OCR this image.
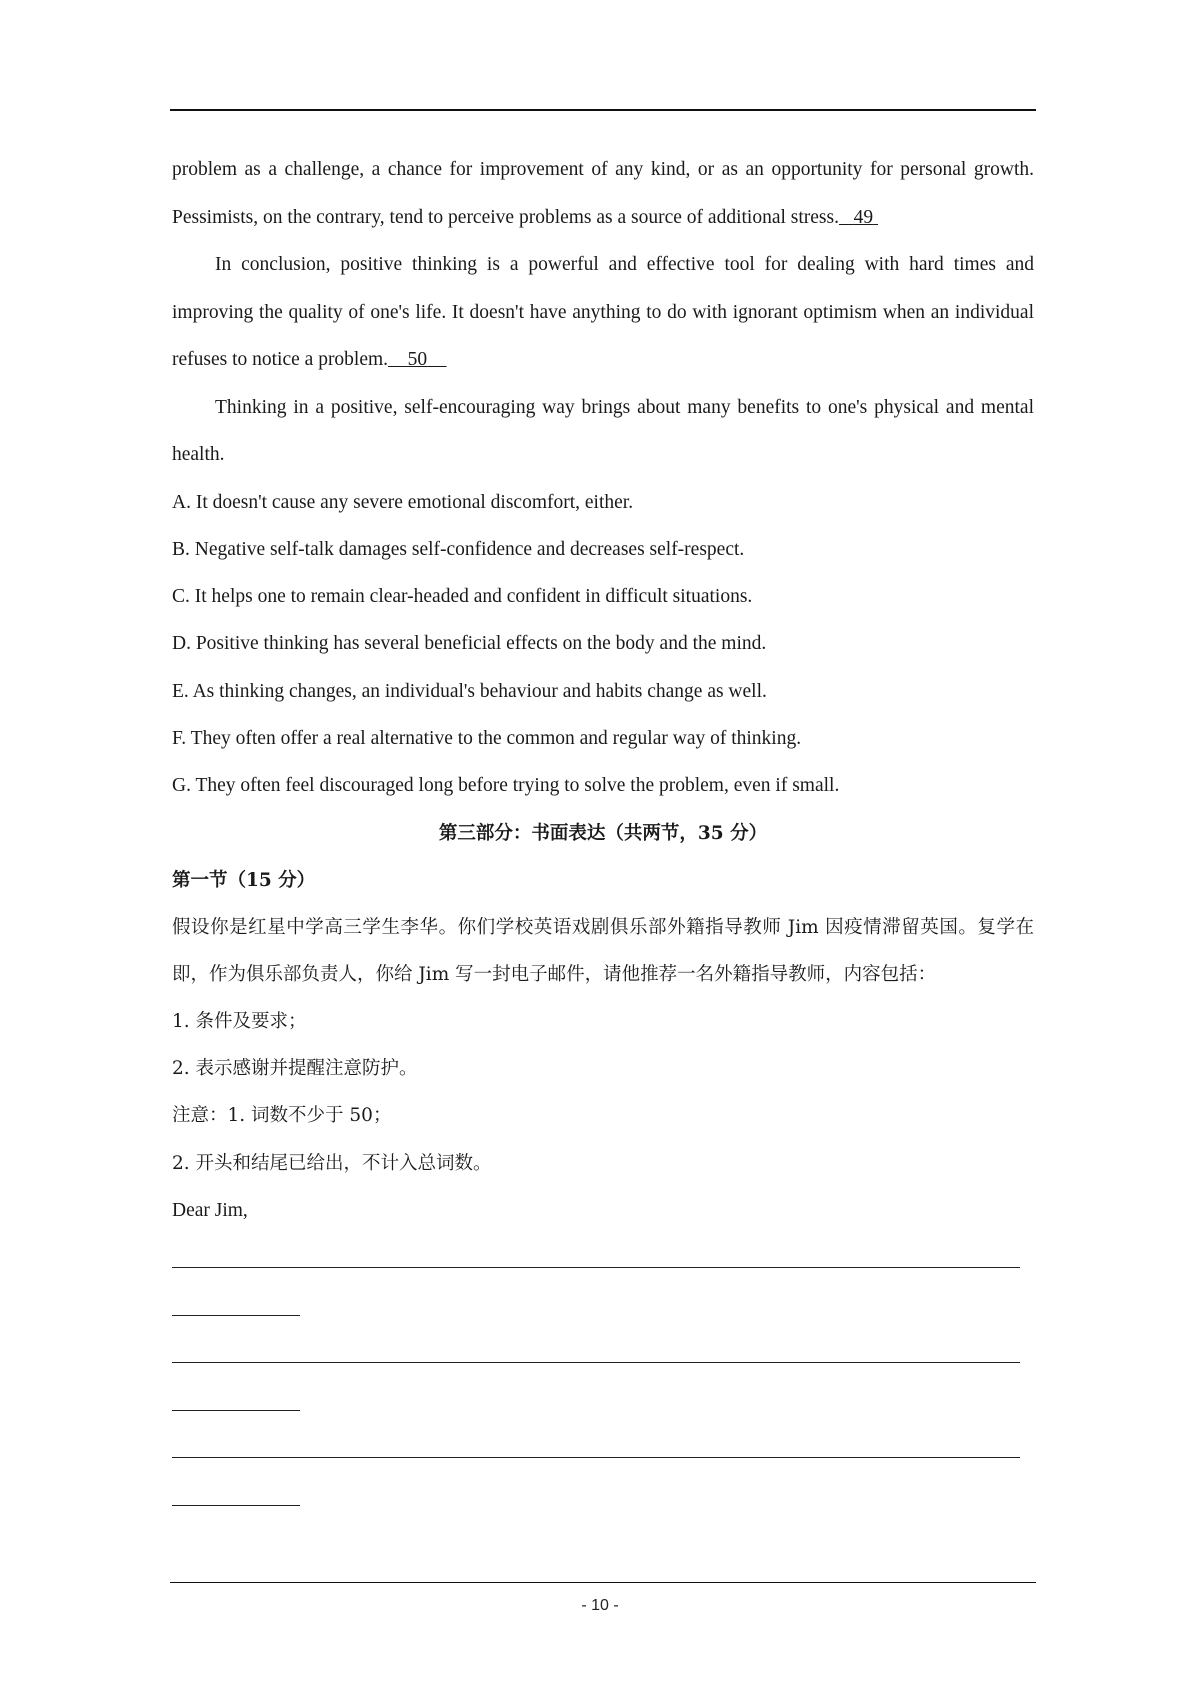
problem as a challenge, a chance for improvement of any kind, or as an opportunity for personal growth. Pessimists, on the contrary, tend to perceive problems as a source of additional stress. 49

In conclusion, positive thinking is a powerful and effective tool for dealing with hard times and improving the quality of one's life. It doesn't have anything to do with ignorant optimism when an individual refuses to notice a problem. 50

Thinking in a positive, self-encouraging way brings about many benefits to one's physical and mental health.

A. It doesn't cause any severe emotional discomfort, either.

B. Negative self-talk damages self-confidence and decreases self-respect.

C. It helps one to remain clear-headed and confident in difficult situations.

D. Positive thinking has several beneficial effects on the body and the mind.

E. As thinking changes, an individual's behaviour and habits change as well.

F. They often offer a real alternative to the common and regular way of thinking.

G. They often feel discouraged long before trying to solve the problem, even if small.

第三部分：书面表达（共两节，35 分）

第一节（15 分）

假设你是红星中学高三学生李华。你们学校英语戏剧俱乐部外籍指导教师 Jim 因疫情滞留英国。复学在即，作为俱乐部负责人，你给 Jim 写一封电子邮件，请他推荐一名外籍指导教师，内容包括：

1. 条件及要求；

2. 表示感谢并提醒注意防护。

注意：1. 词数不少于 50；

2. 开头和结尾已给出，不计入总词数。

Dear Jim,

- 10 -
